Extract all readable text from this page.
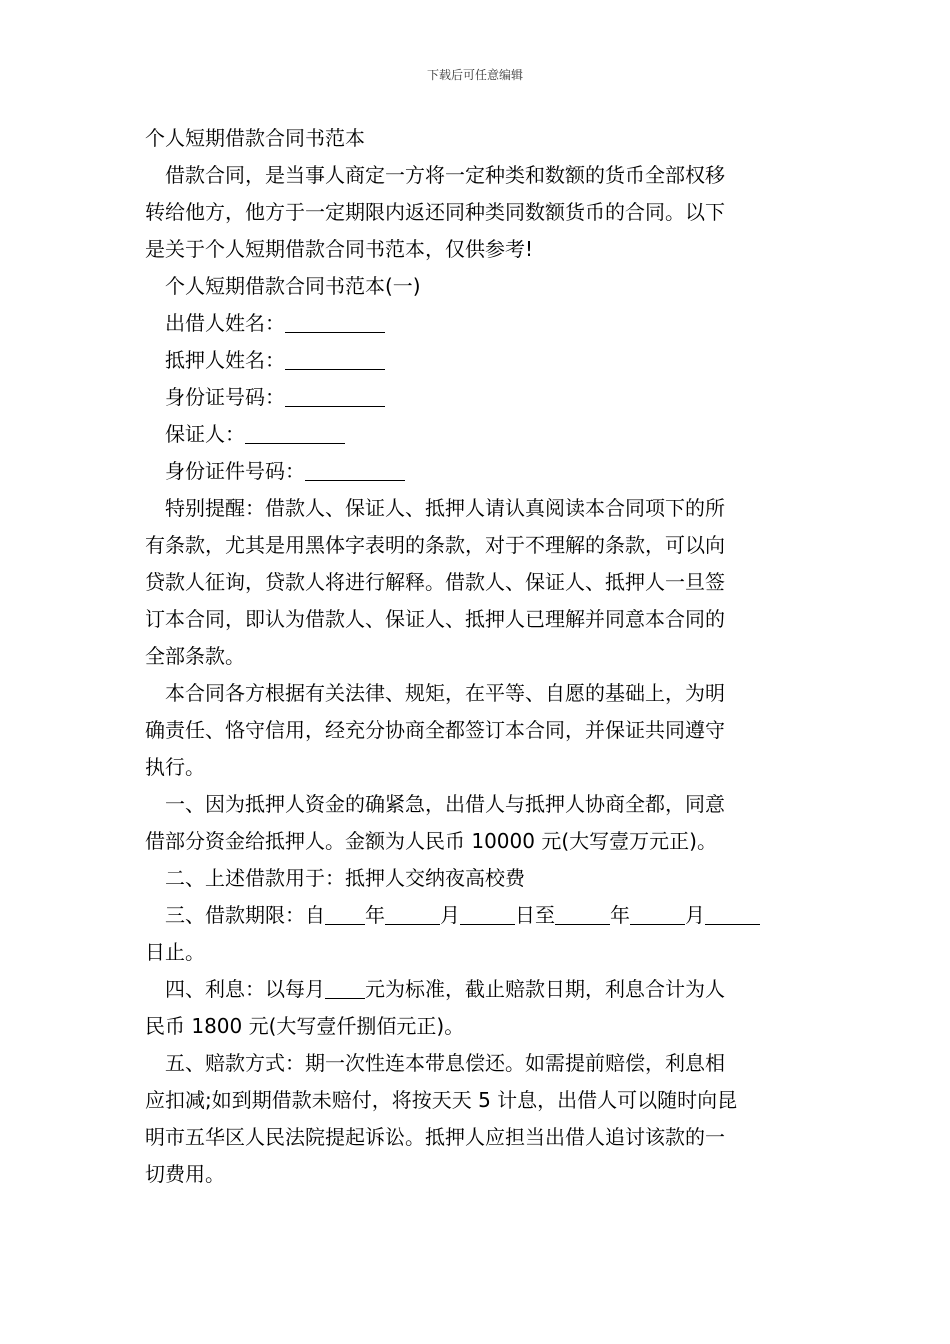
下载后可任意编辑

个人短期借款合同书范本

借款合同，是当事人商定一方将一定种类和数额的货币全部权移

转给他方，他方于一定期限内返还同种类同数额货币的合同。以下

是关于个人短期借款合同书范本，仅供参考!

个人短期借款合同书范本(一)

出借人姓名：

抵押人姓名：

身份证号码：

保证人：

身份证件号码：

特别提醒：借款人、保证人、抵押人请认真阅读本合同项下的所

有条款，尤其是用黑体字表明的条款，对于不理解的条款，可以向

贷款人征询，贷款人将进行解释。借款人、保证人、抵押人一旦签

订本合同，即认为借款人、保证人、抵押人已理解并同意本合同的

全部条款。

本合同各方根据有关法律、规矩，在平等、自愿的基础上，为明

确责任、恪守信用，经充分协商全都签订本合同，并保证共同遵守

执行。

一、因为抵押人资金的确紧急，出借人与抵押人协商全都，同意

借部分资金给抵押人。金额为人民币 10000 元(大写壹万元正)。

二、上述借款用于：抵押人交纳夜高校费

三、借款期限：自 年	月	日至	年	月

日止。

四、利息：以每月 元为标准，截止赔款日期，利息合计为人

民币 1800 元(大写壹仟捌佰元正)。

五、赔款方式：期一次性连本带息偿还。如需提前赔偿，利息相

应扣减;如到期借款未赔付，将按天天 5 计息，出借人可以随时向昆

明市五华区人民法院提起诉讼。抵押人应担当出借人追讨该款的一

切费用。
